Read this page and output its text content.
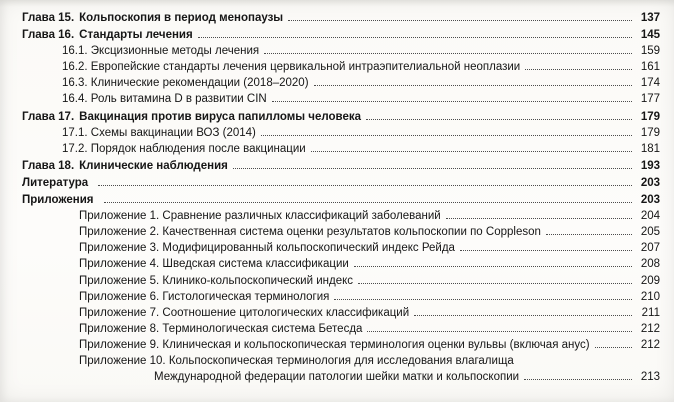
Глава 15. Кольпоскопия в период менопаузы	137
Глава 16. Стандарты лечения	145
16.1. Эксцизионные методы лечения	159
16.2. Европейские стандарты лечения цервикальной интраэпителиальной неоплазии	161
16.3. Клинические рекомендации (2018–2020)	174
16.4. Роль витамина D в развитии CIN	177
Глава 17. Вакцинация против вируса папилломы человека	179
17.1. Схемы вакцинации ВОЗ (2014)	179
17.2. Порядок наблюдения после вакцинации	181
Глава 18. Клинические наблюдения	193
Литература	203
Приложения	203
Приложение 1. Сравнение различных классификаций заболеваний	204
Приложение 2. Качественная система оценки результатов кольпоскопии по Coppleson	205
Приложение 3. Модифицированный кольпоскопический индекс Рейда	207
Приложение 4. Шведская система классификации	208
Приложение 5. Клинико-кольпоскопический индекс	209
Приложение 6. Гистологическая терминология	210
Приложение 7. Соотношение цитологических классификаций	211
Приложение 8. Терминологическая система Бетесда	212
Приложение 9. Клиническая и кольпоскопическая терминология оценки вульвы (включая анус)	212
Приложение 10. Кольпоскопическая терминология для исследования влагалища
Международной федерации патологии шейки матки и кольпоскопии	213
